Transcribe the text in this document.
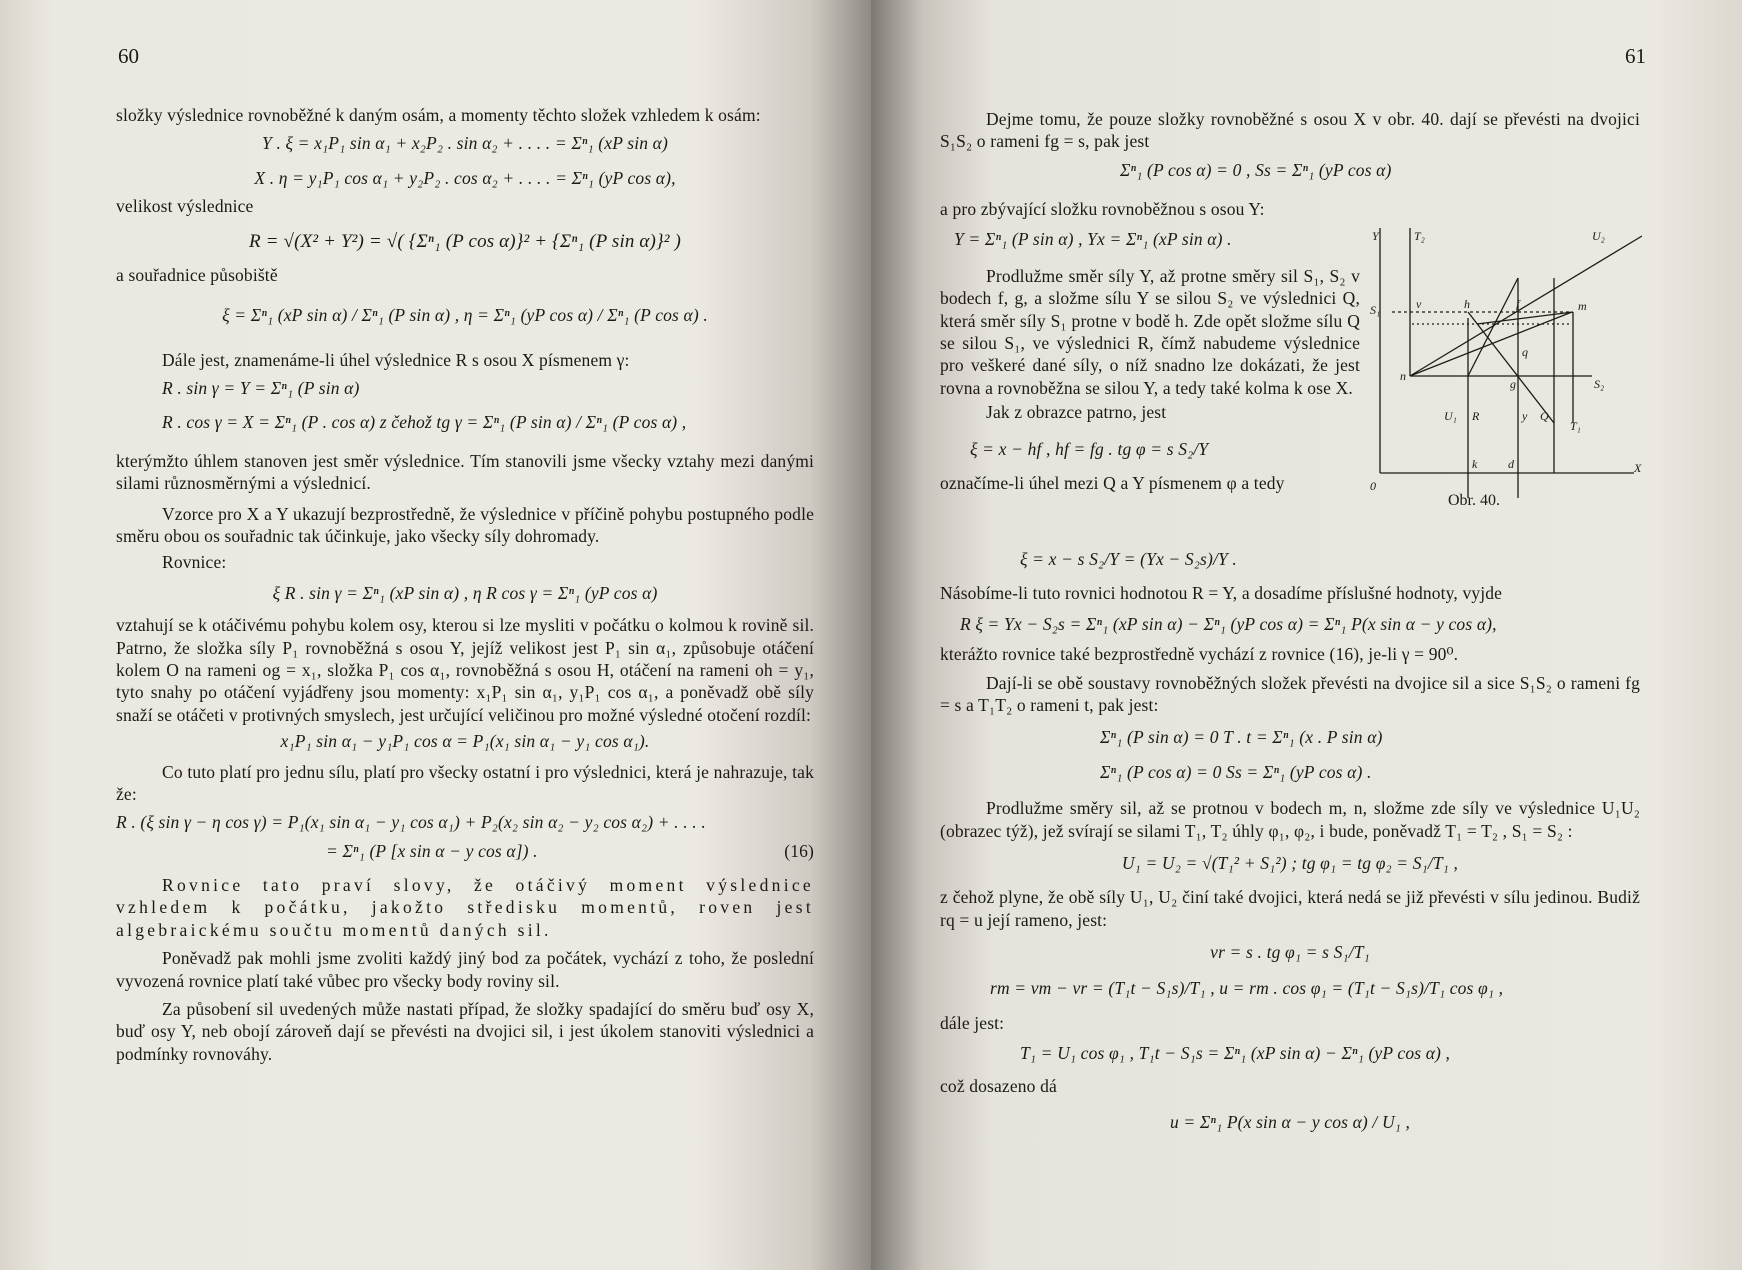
60

složky výslednice rovnoběžné k daným osám, a momenty těchto složek vzhledem k osám:

Y . ξ = x₁P₁ sin α₁ + x₂P₂ . sin α₂ + . . . . = Σⁿ₁ (xP sin α)

X . η = y₁P₁ cos α₁ + y₂P₂ . cos α₂ + . . . . = Σⁿ₁ (yP cos α),

velikost výslednice

R = √(X² + Y²) = √( {Σⁿ₁ (P cos α)}² + {Σⁿ₁ (P sin α)}² )

a souřadnice působiště

ξ = Σⁿ₁ (xP sin α) / Σⁿ₁ (P sin α) , η = Σⁿ₁ (yP cos α) / Σⁿ₁ (P cos α) .

Dále jest, znamenáme-li úhel výslednice R s osou X písmenem γ:

R . sin γ = Y = Σⁿ₁ (P sin α)

R . cos γ = X = Σⁿ₁ (P . cos α) z čehož tg γ = Σⁿ₁ (P sin α) / Σⁿ₁ (P cos α) ,

kterýmžto úhlem stanoven jest směr výslednice. Tím stanovili jsme všecky vztahy mezi danými silami různosměrnými a výslednicí.

Vzorce pro X a Y ukazují bezprostředně, že výslednice v příčině pohybu postupného podle směru obou os souřadnic tak účinkuje, jako všecky síly dohromady.

Rovnice:

ξ R . sin γ = Σⁿ₁ (xP sin α) , η R cos γ = Σⁿ₁ (yP cos α)

vztahují se k otáčivému pohybu kolem osy, kterou si lze mysliti v počátku o kolmou k rovině sil. Patrno, že složka síly P₁ rovnoběžná s osou Y, jejíž velikost jest P₁ sin α₁, způsobuje otáčení kolem O na rameni og = x₁, složka P₁ cos α₁, rovnoběžná s osou H, otáčení na rameni oh = y₁, tyto snahy po otáčení vyjádřeny jsou momenty: x₁P₁ sin α₁, y₁P₁ cos α₁, a poněvadž obě síly snaží se otáčeti v protivných smyslech, jest určující veličinou pro možné výsledné otočení rozdíl:

x₁P₁ sin α₁ − y₁P₁ cos α = P₁(x₁ sin α₁ − y₁ cos α₁).

Co tuto platí pro jednu sílu, platí pro všecky ostatní i pro výslednici, která je nahrazuje, tak že:

R . (ξ sin γ − η cos γ) = P₁(x₁ sin α₁ − y₁ cos α₁) + P₂(x₂ sin α₂ − y₂ cos α₂) + . . . .

= Σⁿ₁ (P [x sin α − y cos α]) .	(16)

Rovnice tato praví slovy, že otáčivý moment výslednice vzhledem k počátku, jakožto středisku momentů, roven jest algebraickému součtu momentů daných sil.

Poněvadž pak mohli jsme zvoliti každý jiný bod za počátek, vychází z toho, že poslední vyvozená rovnice platí také vůbec pro všecky body roviny sil.

Za působení sil uvedených může nastati případ, že složky spadající do směru buď osy X, buď osy Y, neb obojí zároveň dají se převésti na dvojici sil, i jest úkolem stanoviti výslednici a podmínky rovnováhy.

61

Dejme tomu, že pouze složky rovnoběžné s osou X v obr. 40. dají se převésti na dvojici S₁S₂ o rameni fg = s, pak jest

Σⁿ₁ (P cos α) = 0 , Ss = Σⁿ₁ (yP cos α)

a pro zbývající složku rovnoběžnou s osou Y:

Y = Σⁿ₁ (P sin α) , Yx = Σⁿ₁ (xP sin α) .

Prodlužme směr síly Y, až protne směry sil S₁, S₂ v bodech f, g, a složme sílu Y se silou S₂ ve výslednici Q, která směr síly S₁ protne v bodě h. Zde opět složme sílu Q se silou S₁, ve výslednici R, čímž nabudeme výslednice pro veškeré dané síly, o níž snadno lze dokázati, že jest rovna a rovnoběžna se silou Y, a tedy také kolma k ose X.

Jak z obrazce patrno, jest

ξ = x − hf , hf = fg . tg φ = s S₂/Y

označíme-li úhel mezi Q a Y písmenem φ a tedy

Y	T₂	U₂
S₁	v	h	f	m
q
n
g	S₂
U₁ R	y Q
T₁
k	d
0
X
Obr. 40.

ξ = x − s S₂/Y = (Yx − S₂s)/Y .

Násobíme-li tuto rovnici hodnotou R = Y, a dosadíme příslušné hodnoty, vyjde

R ξ = Yx − S₂s = Σⁿ₁ (xP sin α) − Σⁿ₁ (yP cos α) = Σⁿ₁ P(x sin α − y cos α),

kterážto rovnice také bezprostředně vychází z rovnice (16), je-li γ = 90⁰.

Dají-li se obě soustavy rovnoběžných složek převésti na dvojice sil a sice S₁S₂ o rameni fg = s a T₁T₂ o rameni t, pak jest:

Σⁿ₁ (P sin α) = 0 T . t = Σⁿ₁ (x . P sin α)

Σⁿ₁ (P cos α) = 0 Ss = Σⁿ₁ (yP cos α) .

Prodlužme směry sil, až se protnou v bodech m, n, složme zde síly ve výslednice U₁U₂ (obrazec týž), jež svírají se silami T₁, T₂ úhly φ₁, φ₂, i bude, poněvadž T₁ = T₂ , S₁ = S₂ :

U₁ = U₂ = √(T₁² + S₁²) ; tg φ₁ = tg φ₂ = S₁/T₁ ,

z čehož plyne, že obě síly U₁, U₂ činí také dvojici, která nedá se již převésti v sílu jedinou. Budiž rq = u její rameno, jest:

vr = s . tg φ₁ = s S₁/T₁

rm = vm − vr = (T₁t − S₁s)/T₁ , u = rm . cos φ₁ = (T₁t − S₁s)/T₁ cos φ₁ ,

dále jest:

T₁ = U₁ cos φ₁ , T₁t − S₁s = Σⁿ₁ (xP sin α) − Σⁿ₁ (yP cos α) ,

což dosazeno dá

u = Σⁿ₁ P(x sin α − y cos α) / U₁ ,
